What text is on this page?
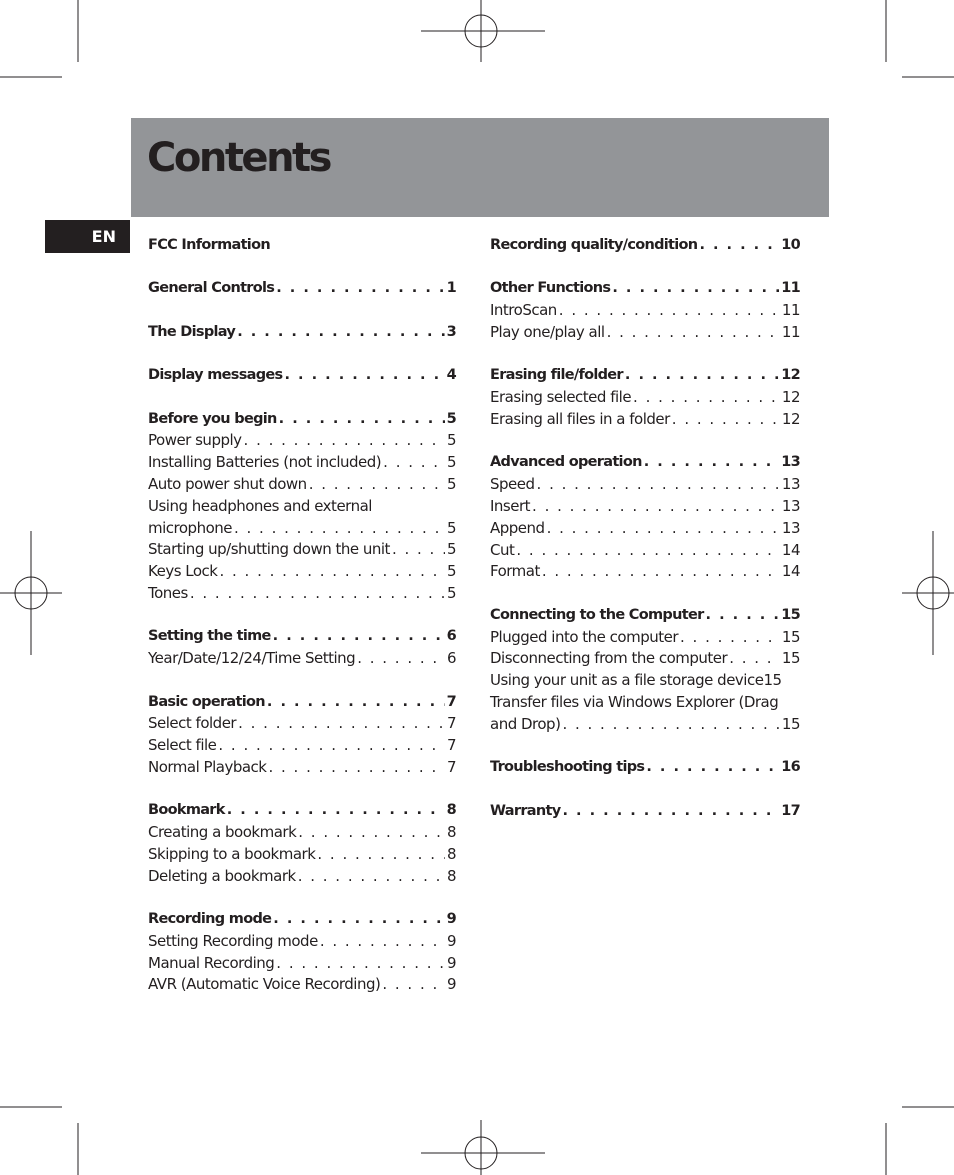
Contents
EN	FCC Information
General Controls . . .	1
The Display . . .	3
Display messages . . .	4
Before you begin . . .	5
Power supply . . .	5
Installing Batteries (not included) . . .	5
Auto power shut down . . .	5
Using headphones and external
microphone . . .	5
Starting up/shutting down the unit . . .	5
Keys Lock . . .	5
Tones . . .	5
Setting the time . . .	6
Year/Date/12/24/Time Setting . . .	6
Basic operation . . .	7
Select folder . . .	7
Select file . . .	7
Normal Playback . . .	7
Bookmark . . .	8
Creating a bookmark . . .	8
Skipping to a bookmark . . .	8
Deleting a bookmark . . .	8
Recording mode . . .	9
Setting Recording mode . . .	9
Manual Recording . . .	9
AVR (Automatic Voice Recording) . . .	9
Recording quality/condition . . .	10
Other Functions . . .	11
IntroScan . . .	11
Play one/play all . . .	11
Erasing file/folder . . .	12
Erasing selected file . . .	12
Erasing all files in a folder . . .	12
Advanced operation . . .	13
Speed . . .	13
Insert . . .	13
Append . . .	13
Cut . . .	14
Format . . .	14
Connecting to the Computer . . .	15
Plugged into the computer . . .	15
Disconnecting from the computer . . .	15
Using your unit as a file storage device15
Transfer files via Windows Explorer (Drag
and Drop) . . .	15
Troubleshooting tips . . .	16
Warranty . . .	17
